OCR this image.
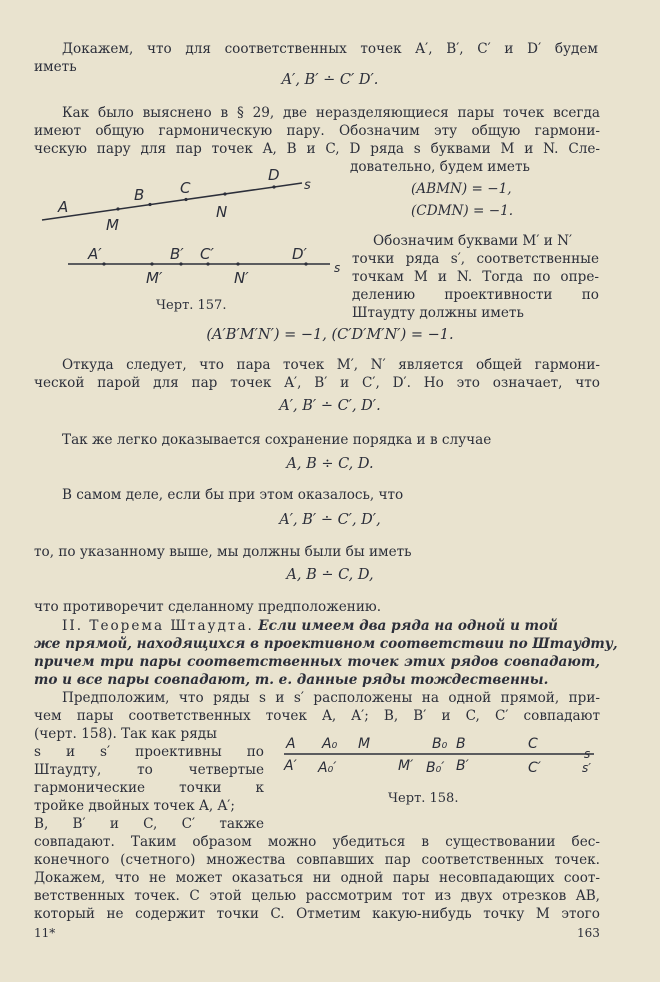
Докажем, что для соответственных точек A′, B′, C′ и D′ будем
иметь
A′, B′ ∸ C′ D′.
Как было выяснено в § 29, две неразделяющиеся пары точек всегда
имеют общую гармоническую пару. Обозначим эту общую гармони-
ческую пару для пар точек A, B и C, D ряда s буквами M и N. Сле-
довательно, будем иметь
A
M
B C
N
D
s
A′
M′
B′ C′
N′
D′
s
Черт. 157.
(ABMN) = −1,
(CDMN) = −1.
Обозначим буквами M′ и N′
точки ряда s′, соответственные
точкам M и N. Тогда по опре-
делению проективности по
Штаудту должны иметь
(A′B′M′N′) = −1, (C′D′M′N′) = −1.
Откуда следует, что пара точек M′, N′ является общей гармони-
ческой парой для пар точек A′, B′ и C′, D′. Но это означает, что
A′, B′ ∸ C′, D′.
Так же легко доказывается сохранение порядка и в случае
A, B ÷ C, D.
В самом деле, если бы при этом оказалось, что
A′, B′ ∸ C′, D′,
то, по указанному выше, мы должны были бы иметь
A, B ∸ C, D,
что противоречит сделанному предположению.
II. Теорема Штаудта. Если имеем два ряда на одной и той
же прямой, находящихся в проективном соответствии по Штаудту,
причем три пары соответственных точек этих рядов совпадают,
то и все пары совпадают, т. е. данные ряды тождественны.
Предположим, что ряды s и s′ расположены на одной прямой, при-
чем пары соответственных точек A, A′; B, B′ и C, C′ совпадают
(черт. 158). Так как ряды
s и s′ проективны по
Штаудту, то четвертые
гармонические точки к
тройке двойных точек A, A′;
B, B′ и C, C′ также
A A₀ M	B₀ B	C
s
A′ A₀′	M′ B₀′ B′	C′	s′
Черт. 158.
совпадают. Таким образом можно убедиться в существовании бес-
конечного (счетного) множества совпавших пар соответственных точек.
Докажем, что не может оказаться ни одной пары несовпадающих соот-
ветственных точек. С этой целью рассмотрим тот из двух отрезков AB,
который не содержит точки C. Отметим какую-нибудь точку M этого
11*	163
